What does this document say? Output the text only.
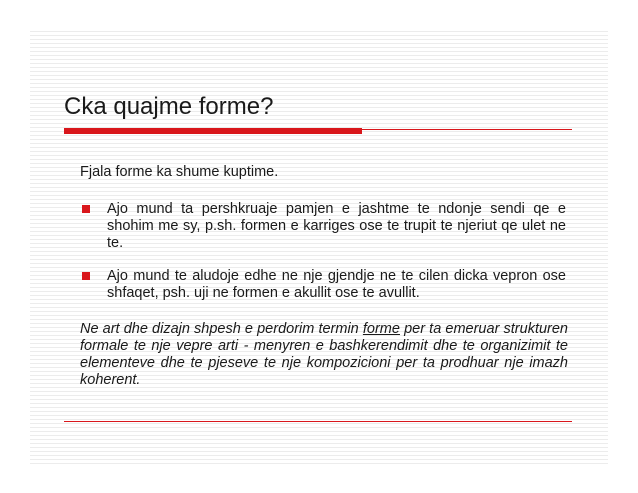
Cka quajme forme?
Fjala forme ka shume kuptime.
Ajo mund ta pershkruaje pamjen e jashtme te ndonje sendi qe e shohim me sy, p.sh. formen e karriges ose te trupit te njeriut qe ulet ne te.
Ajo mund te aludoje edhe ne nje gjendje ne te cilen dicka vepron ose shfaqet, psh. uji ne formen e akullit ose te avullit.
Ne art dhe dizajn shpesh e perdorim termin forme per ta emeruar strukturen formale te nje vepre arti - menyren e bashkerendimit dhe te organizimit te elementeve dhe te pjeseve te nje kompozicioni per ta prodhuar nje imazh koherent.
